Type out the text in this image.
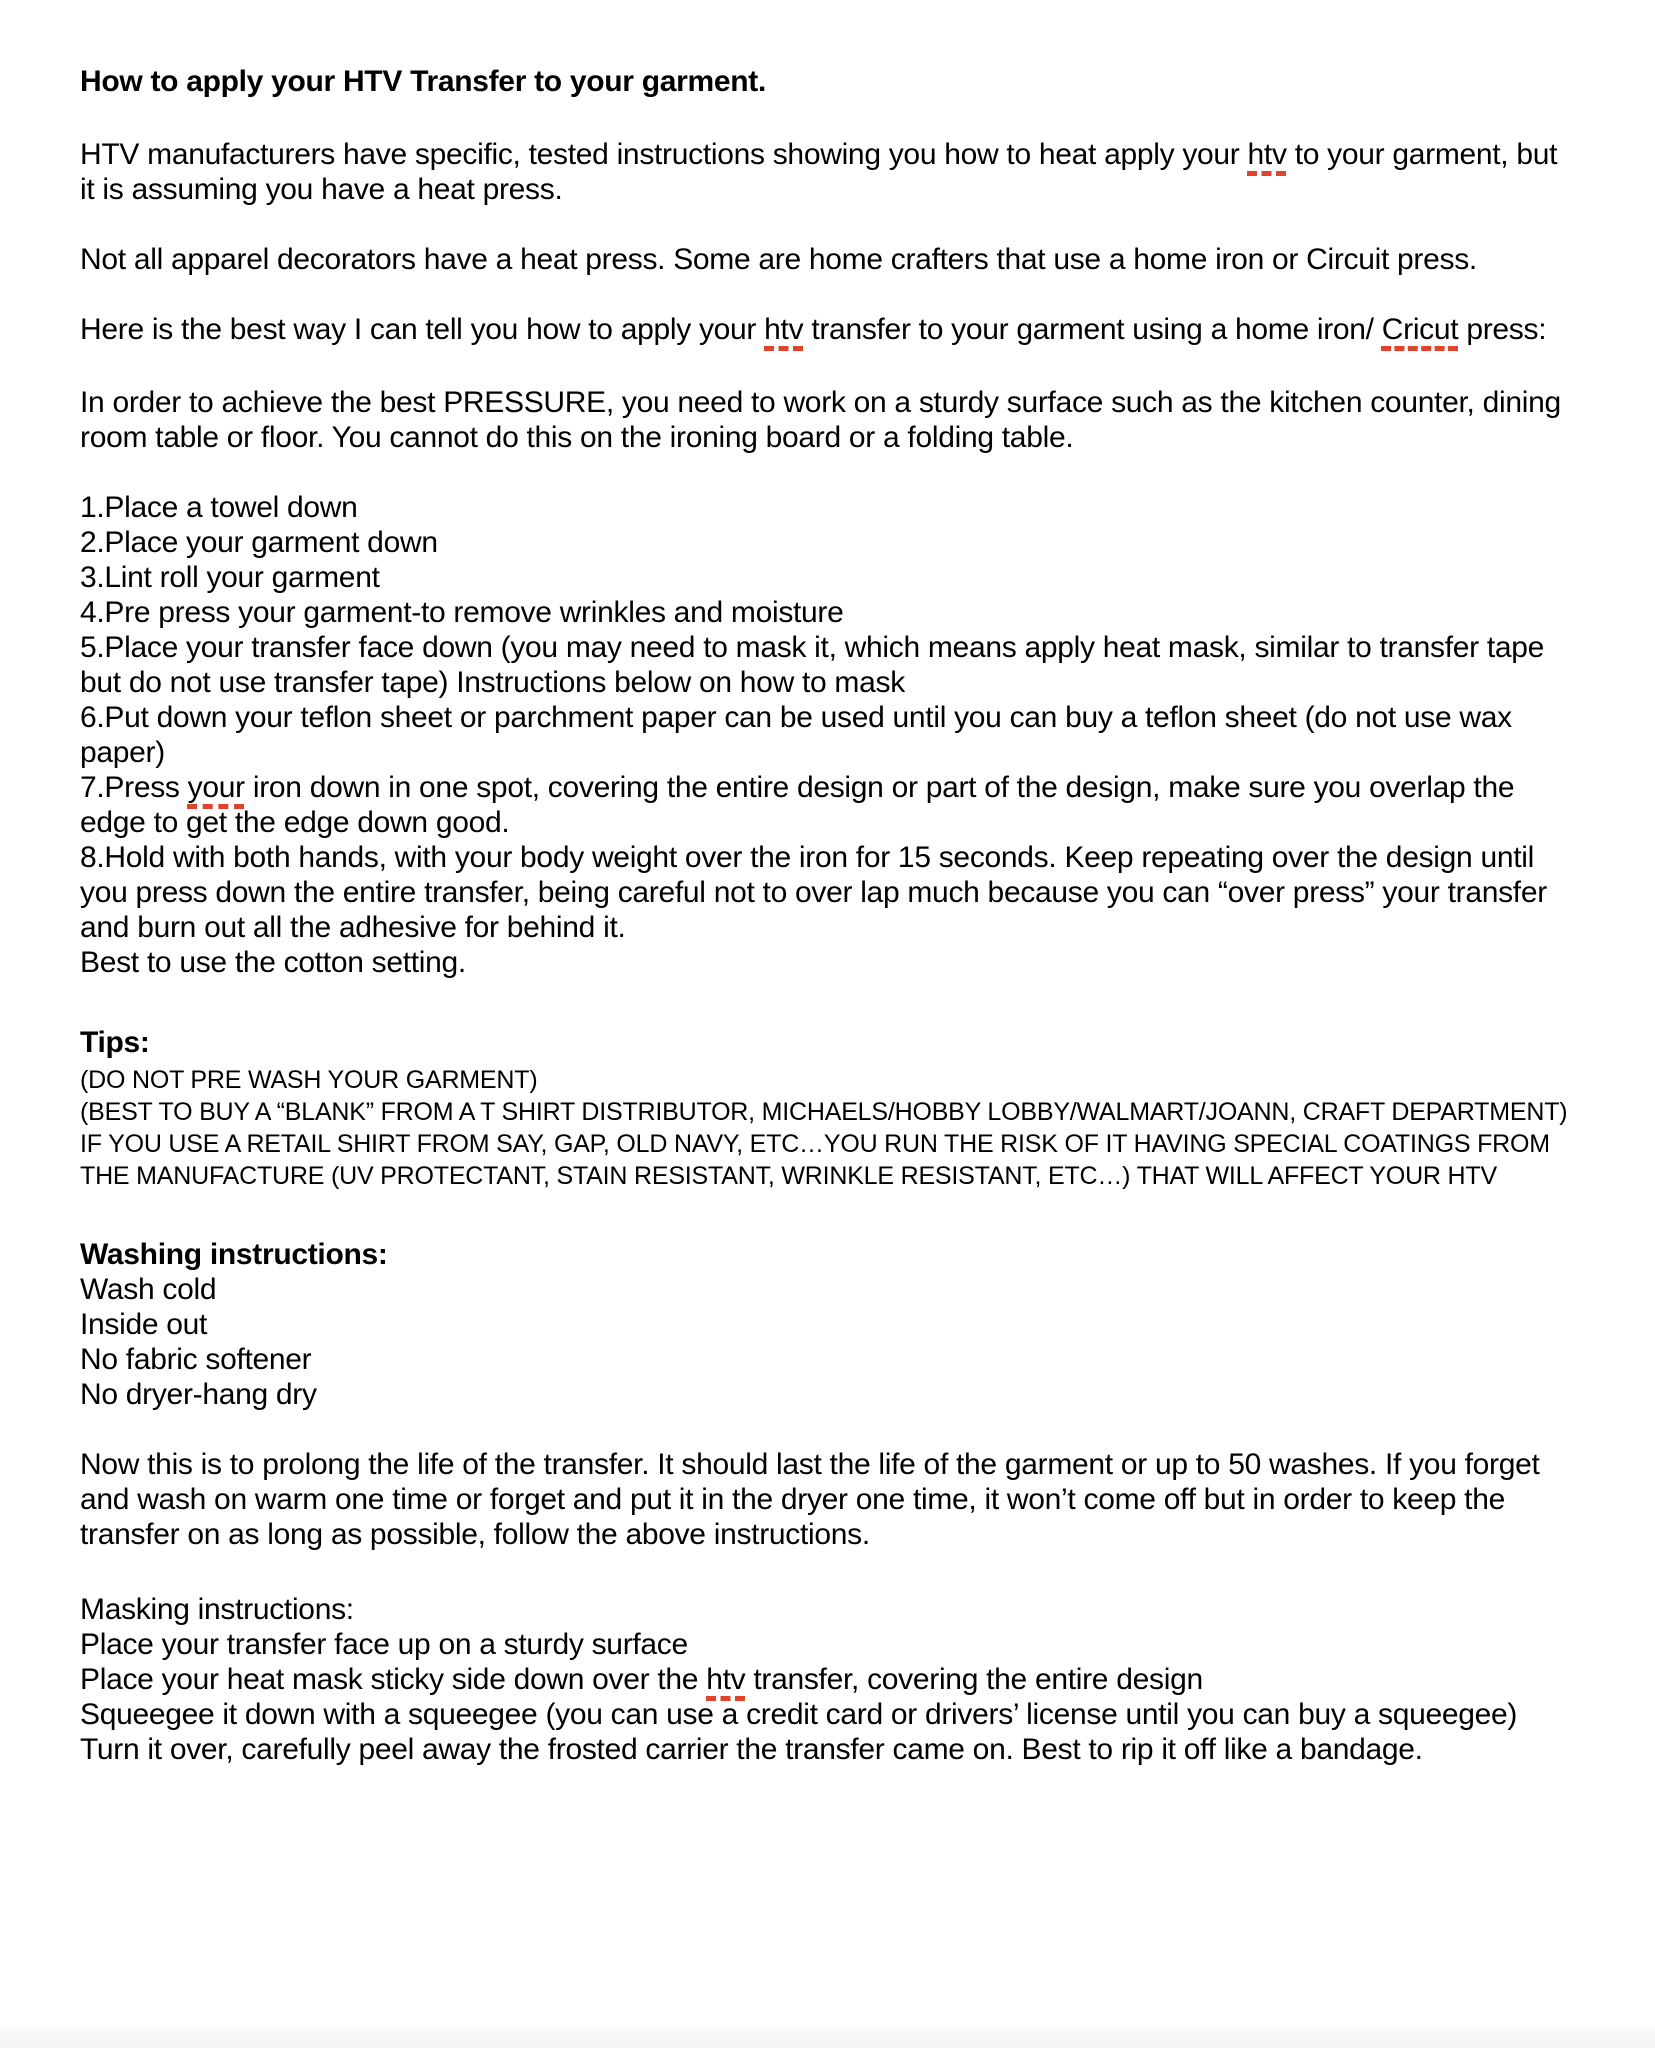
How to apply your HTV Transfer to your garment.
HTV manufacturers have specific, tested instructions showing you how to heat apply your htv to your garment, but it is assuming you have a heat press.
Not all apparel decorators have a heat press. Some are home crafters that use a home iron or Circuit press.
Here is the best way I can tell you how to apply your htv transfer to your garment using a home iron/ Cricut press:
In order to achieve the best PRESSURE, you need to work on a sturdy surface such as the kitchen counter, dining room table or floor. You cannot do this on the ironing board or a folding table.
1.Place a towel down
2.Place your garment down
3.Lint roll your garment
4.Pre press your garment-to remove wrinkles and moisture
5.Place your transfer face down (you may need to mask it, which means apply heat mask, similar to transfer tape but do not use transfer tape) Instructions below on how to mask
6.Put down your teflon sheet or parchment paper can be used until you can buy a teflon sheet (do not use wax paper)
7.Press your iron down in one spot, covering the entire design or part of the design, make sure you overlap the edge to get the edge down good.
8.Hold with both hands, with your body weight over the iron for 15 seconds. Keep repeating over the design until you press down the entire transfer, being careful not to over lap much because you can “over press” your transfer and burn out all the adhesive for behind it.
Best to use the cotton setting.
Tips:
(DO NOT PRE WASH YOUR GARMENT)
(BEST TO BUY A “BLANK” FROM A T SHIRT DISTRIBUTOR, MICHAELS/HOBBY LOBBY/WALMART/JOANN, CRAFT DEPARTMENT)
IF YOU USE A RETAIL SHIRT FROM SAY, GAP, OLD NAVY, ETC…YOU RUN THE RISK OF IT HAVING SPECIAL COATINGS FROM THE MANUFACTURE (UV PROTECTANT, STAIN RESISTANT, WRINKLE RESISTANT, ETC…) THAT WILL AFFECT YOUR HTV
Washing instructions:
Wash cold
Inside out
No fabric softener
No dryer-hang dry
Now this is to prolong the life of the transfer. It should last the life of the garment or up to 50 washes. If you forget and wash on warm one time or forget and put it in the dryer one time, it won’t come off but in order to keep the transfer on as long as possible, follow the above instructions.
Masking instructions:
Place your transfer face up on a sturdy surface
Place your heat mask sticky side down over the htv transfer, covering the entire design
Squeegee it down with a squeegee (you can use a credit card or drivers’ license until you can buy a squeegee)
Turn it over, carefully peel away the frosted carrier the transfer came on. Best to rip it off like a bandage.
